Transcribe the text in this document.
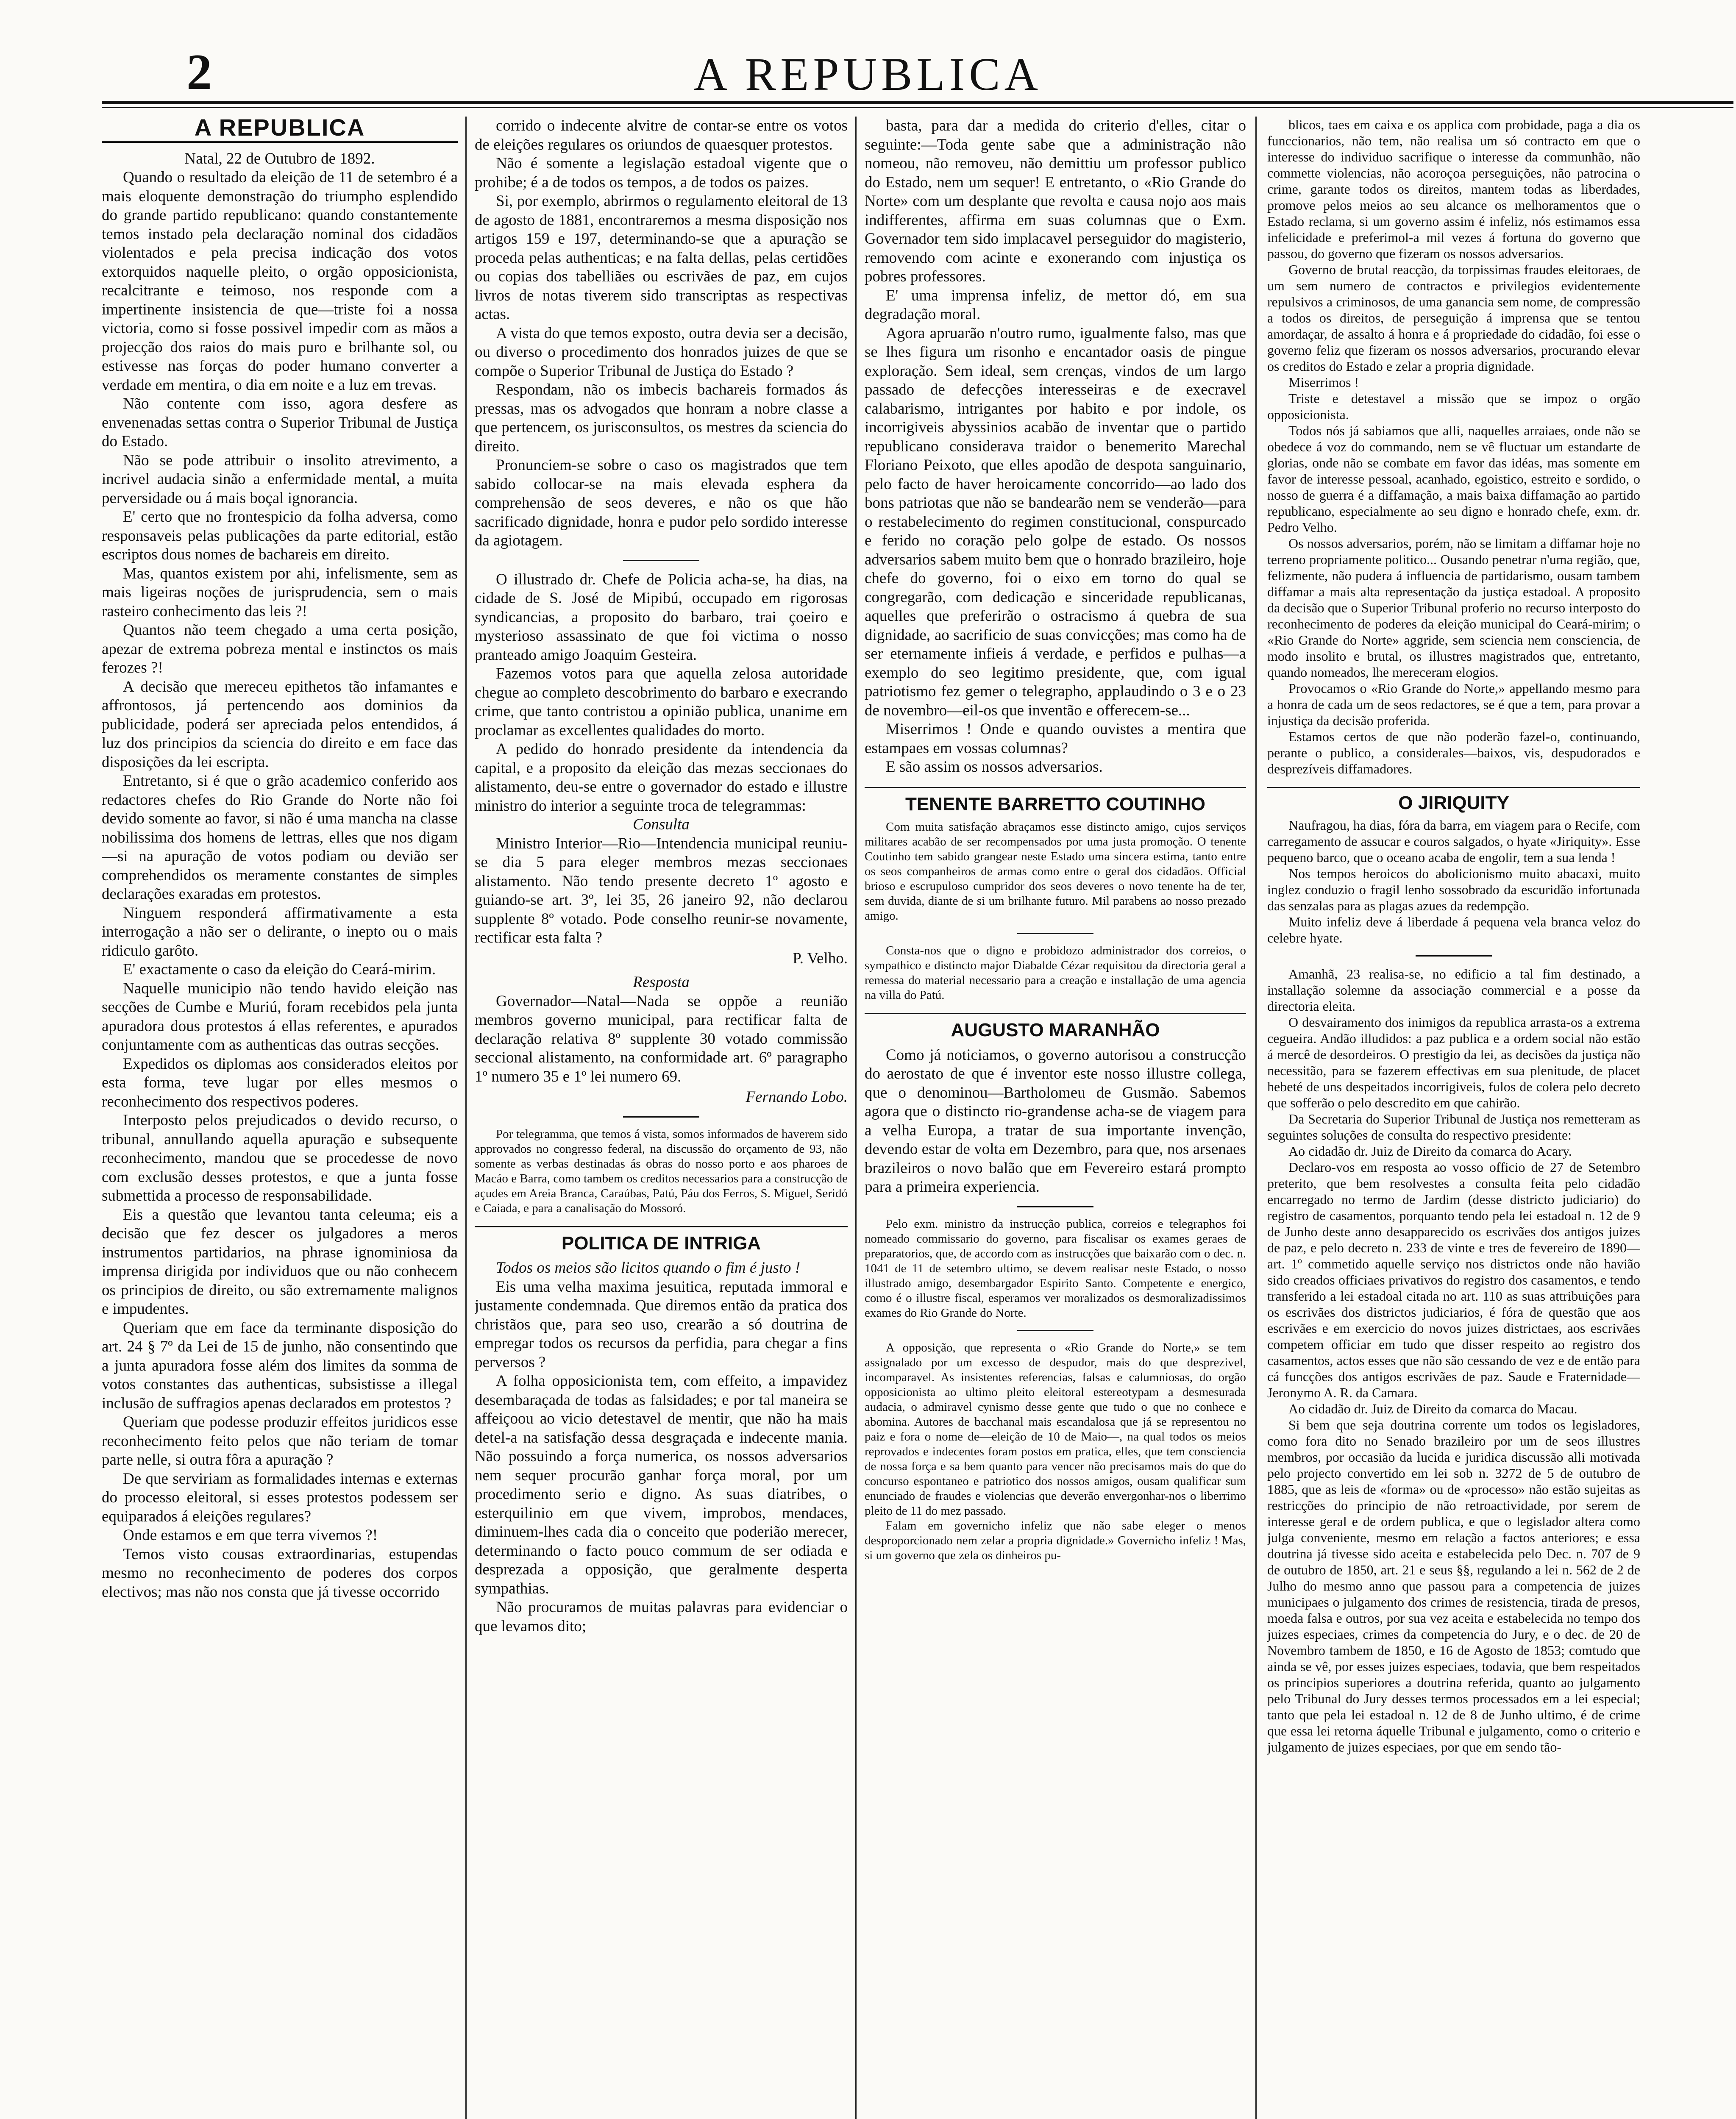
2	A REPUBLICA
A REPUBLICA

Natal, 22 de Outubro de 1892.

Quando o resultado da eleição de 11 de setembro é a mais eloquente demonstração do triumpho esplendido do grande partido republicano: quando constantemente temos instado pela declaração nominal dos cidadãos violentados e pela precisa indicação dos votos extorquidos naquelle pleito, o orgão opposicionista, recalcitrante e teimoso, nos responde com a impertinente insistencia de que—triste foi a nossa victoria, como si fosse possivel impedir com as mãos a projecção dos raios do mais puro e brilhante sol, ou estivesse nas forças do poder humano converter a verdade em mentira, o dia em noite e a luz em trevas.

Não contente com isso, agora desfere as envenenadas settas contra o Superior Tribunal de Justiça do Estado.

Não se pode attribuir o insolito atrevimento, a incrivel audacia sinão a enfermidade mental, a muita perversidade ou á mais boçal ignorancia.

E' certo que no frontespicio da folha adversa, como responsaveis pelas publicações da parte editorial, estão escriptos dous nomes de bachareis em direito.

Mas, quantos existem por ahi, infelismente, sem as mais ligeiras noções de jurisprudencia, sem o mais rasteiro conhecimento das leis ?!

Quantos não teem chegado a uma certa posição, apezar de extrema pobreza mental e instinctos os mais ferozes ?!

A decisão que mereceu epithetos tão infamantes e affrontosos, já pertencendo aos dominios da publicidade, poderá ser apreciada pelos entendidos, á luz dos principios da sciencia do direito e em face das disposições da lei escripta.

Entretanto, si é que o grão academico conferido aos redactores chefes do Rio Grande do Norte não foi devido somente ao favor, si não é uma mancha na classe nobilissima dos homens de lettras, elles que nos digam—si na apuração de votos podiam ou devião ser comprehendidos os meramente constantes de simples declarações exaradas em protestos.

Ninguem responderá affirmativamente a esta interrogação a não ser o delirante, o inepto ou o mais ridiculo garôto.

E' exactamente o caso da eleição do Ceará-mirim.

Naquelle municipio não tendo havido eleição nas secções de Cumbe e Muriú, foram recebidos pela junta apuradora dous protestos á ellas referentes, e apurados conjuntamente com as authenticas das outras secções.

Expedidos os diplomas aos considerados eleitos por esta forma, teve lugar por elles mesmos o reconhecimento dos respectivos poderes.

Interposto pelos prejudicados o devido recurso, o tribunal, annullando aquella apuração e subsequente reconhecimento, mandou que se procedesse de novo com exclusão desses protestos, e que a junta fosse submettida a processo de responsabilidade.

Eis a questão que levantou tanta celeuma; eis a decisão que fez descer os julgadores a meros instrumentos partidarios, na phrase ignominiosa da imprensa dirigida por individuos que ou não conhecem os principios de direito, ou são extremamente malignos e impudentes.

Queriam que em face da terminante disposição do art. 24 § 7º da Lei de 15 de junho, não consentindo que a junta apuradora fosse além dos limites da somma de votos constantes das authenticas, subsistisse a illegal inclusão de suffragios apenas declarados em protestos ?

Queriam que podesse produzir effeitos juridicos esse reconhecimento feito pelos que não teriam de tomar parte nelle, si outra fôra a apuração ?

De que serviriam as formalidades internas e externas do processo eleitoral, si esses protestos podessem ser equiparados á eleições regulares?

Onde estamos e em que terra vivemos ?!

Temos visto cousas extraordinarias, estupendas mesmo no reconhecimento de poderes dos corpos electivos; mas não nos consta que já tivesse occorrido

corrido o indecente alvitre de contar-se entre os votos de eleições regulares os oriundos de quaesquer protestos.

Não é somente a legislação estadoal vigente que o prohibe; é a de todos os tempos, a de todos os paizes.

Si, por exemplo, abrirmos o regulamento eleitoral de 13 de agosto de 1881, encontraremos a mesma disposição nos artigos 159 e 197, determinando-se que a apuração se proceda pelas authenticas; e na falta dellas, pelas certidões ou copias dos tabelliães ou escrivães de paz, em cujos livros de notas tiverem sido transcriptas as respectivas actas.

A vista do que temos exposto, outra devia ser a decisão, ou diverso o procedimento dos honrados juizes de que se compõe o Superior Tribunal de Justiça do Estado ?

Respondam, não os imbecis bachareis formados ás pressas, mas os advogados que honram a nobre classe a que pertencem, os jurisconsultos, os mestres da sciencia do direito.

Pronunciem-se sobre o caso os magistrados que tem sabido collocar-se na mais elevada esphera da comprehensão de seos deveres, e não os que hão sacrificado dignidade, honra e pudor pelo sordido interesse da agiotagem.

O illustrado dr. Chefe de Policia acha-se, ha dias, na cidade de S. José de Mipibú, occupado em rigorosas syndicancias, a proposito do barbaro, trai çoeiro e mysterioso assassinato de que foi victima o nosso pranteado amigo Joaquim Gesteira.

Fazemos votos para que aquella zelosa autoridade chegue ao completo descobrimento do barbaro e execrando crime, que tanto contristou a opinião publica, unanime em proclamar as excellentes qualidades do morto.

A pedido do honrado presidente da intendencia da capital, e a proposito da eleição das mezas seccionaes do alistamento, deu-se entre o governador do estado e illustre ministro do interior a seguinte troca de telegrammas:

Consulta

Ministro Interior—Rio—Intendencia municipal reuniu-se dia 5 para eleger membros mezas seccionaes alistamento. Não tendo presente decreto 1º agosto e guiando-se art. 3º, lei 35, 26 janeiro 92, não declarou supplente 8º votado. Pode conselho reunir-se novamente, rectificar esta falta ?

P. Velho.

Resposta

Governador—Natal—Nada se oppõe a reunião membros governo municipal, para rectificar falta de declaração relativa 8º supplente 30 votado commissão seccional alistamento, na conformidade art. 6º paragrapho 1º numero 35 e 1º lei numero 69.

Fernando Lobo.

Por telegramma, que temos á vista, somos informados de haverem sido approvados no congresso federal, na discussão do orçamento de 93, não somente as verbas destinadas ás obras do nosso porto e aos pharoes de Macáo e Barra, como tambem os creditos necessarios para a construcção de açudes em Areia Branca, Caraúbas, Patú, Páu dos Ferros, S. Miguel, Seridó e Caiada, e para a canalisação do Mossoró.

POLITICA DE INTRIGA

Todos os meios são licitos quando o fim é justo !

Eis uma velha maxima jesuitica, reputada immoral e justamente condemnada. Que diremos então da pratica dos christãos que, para seo uso, crearão a só doutrina de empregar todos os recursos da perfidia, para chegar a fins perversos ?

A folha opposicionista tem, com effeito, a impavidez desembaraçada de todas as falsidades; e por tal maneira se affeiçoou ao vicio detestavel de mentir, que não ha mais detel-a na satisfação dessa desgraçada e indecente mania. Não possuindo a força numerica, os nossos adversarios nem sequer procurão ganhar força moral, por um procedimento serio e digno. As suas diatribes, o esterquilinio em que vivem, improbos, mendaces, diminuem-lhes cada dia o conceito que poderião merecer, determinando o facto pouco commum de ser odiada e desprezada a opposição, que geralmente desperta sympathias.

Não procuramos de muitas palavras para evidenciar o que levamos dito;

basta, para dar a medida do criterio d'elles, citar o seguinte:—Toda gente sabe que a administração não nomeou, não removeu, não demittiu um professor publico do Estado, nem um sequer! E entretanto, o «Rio Grande do Norte» com um desplante que revolta e causa nojo aos mais indifferentes, affirma em suas columnas que o Exm. Governador tem sido implacavel perseguidor do magisterio, removendo com acinte e exonerando com injustiça os pobres professores.

E' uma imprensa infeliz, de mettor dó, em sua degradação moral.

Agora apruarão n'outro rumo, igualmente falso, mas que se lhes figura um risonho e encantador oasis de pingue exploração. Sem ideal, sem crenças, vindos de um largo passado de defecções interesseiras e de execravel calabarismo, intrigantes por habito e por indole, os incorrigiveis abyssinios acabão de inventar que o partido republicano considerava traidor o benemerito Marechal Floriano Peixoto, que elles apodão de despota sanguinario, pelo facto de haver heroicamente concorrido—ao lado dos bons patriotas que não se bandearão nem se venderão—para o restabelecimento do regimen constitucional, conspurcado e ferido no coração pelo golpe de estado. Os nossos adversarios sabem muito bem que o honrado brazileiro, hoje chefe do governo, foi o eixo em torno do qual se congregarão, com dedicação e sinceridade republicanas, aquelles que preferirão o ostracismo á quebra de sua dignidade, ao sacrificio de suas convicções; mas como ha de ser eternamente infieis á verdade, e perfidos e pulhas—a exemplo do seo legitimo presidente, que, com igual patriotismo fez gemer o telegrapho, applaudindo o 3 e o 23 de novembro—eil-os que inventão e offerecem-se...

Miserrimos ! Onde e quando ouvistes a mentira que estampaes em vossas columnas?

E são assim os nossos adversarios.

TENENTE BARRETTO COUTINHO

Com muita satisfação abraçamos esse distincto amigo, cujos serviços militares acabão de ser recompensados por uma justa promoção. O tenente Coutinho tem sabido grangear neste Estado uma sincera estima, tanto entre os seos companheiros de armas como entre o geral dos cidadãos. Official brioso e escrupuloso cumpridor dos seos deveres o novo tenente ha de ter, sem duvida, diante de si um brilhante futuro. Mil parabens ao nosso prezado amigo.

Consta-nos que o digno e probidozo administrador dos correios, o sympathico e distincto major Diabalde Cézar requisitou da directoria geral a remessa do material necessario para a creação e installação de uma agencia na villa do Patú.

AUGUSTO MARANHÃO

Como já noticiamos, o governo autorisou a construcção do aerostato de que é inventor este nosso illustre collega, que o denominou—Bartholomeu de Gusmão. Sabemos agora que o distincto rio-grandense acha-se de viagem para a velha Europa, a tratar de sua importante invenção, devendo estar de volta em Dezembro, para que, nos arsenaes brazileiros o novo balão que em Fevereiro estará prompto para a primeira experiencia.

Pelo exm. ministro da instrucção publica, correios e telegraphos foi nomeado commissario do governo, para fiscalisar os exames geraes de preparatorios, que, de accordo com as instrucções que baixarão com o dec. n. 1041 de 11 de setembro ultimo, se devem realisar neste Estado, o nosso illustrado amigo, desembargador Espirito Santo. Competente e energico, como é o illustre fiscal, esperamos ver moralizados os desmoralizadissimos exames do Rio Grande do Norte.

A opposição, que representa o «Rio Grande do Norte,» se tem assignalado por um excesso de despudor, mais do que desprezivel, incomparavel. As insistentes referencias, falsas e calumniosas, do orgão opposicionista ao ultimo pleito eleitoral estereotypam a desmesurada audacia, o admiravel cynismo desse gente que tudo o que no conhece e abomina. Autores de bacchanal mais escandalosa que já se representou no paiz e fora o nome de—eleição de 10 de Maio—, na qual todos os meios reprovados e indecentes foram postos em pratica, elles, que tem consciencia de nossa força e sa bem quanto para vencer não precisamos mais do que do concurso espontaneo e patriotico dos nossos amigos, ousam qualificar sum enunciado de fraudes e violencias que deverão envergonhar-nos o liberrimo pleito de 11 do mez passado.

Falam em governicho infeliz que não sabe eleger o menos desproporcionado nem zelar a propria dignidade.» Governicho infeliz ! Mas, si um governo que zela os dinheiros pu-

blicos, taes em caixa e os applica com probidade, paga a dia os funccionarios, não tem, não realisa um só contracto em que o interesse do individuo sacrifique o interesse da communhão, não commette violencias, não acoroçoa perseguições, não patrocina o crime, garante todos os direitos, mantem todas as liberdades, promove pelos meios ao seu alcance os melhoramentos que o Estado reclama, si um governo assim é infeliz, nós estimamos essa infelicidade e preferimol-a mil vezes á fortuna do governo que passou, do governo que fizeram os nossos adversarios.

Governo de brutal reacção, da torpissimas fraudes eleitoraes, de um sem numero de contractos e privilegios evidentemente repulsivos a criminosos, de uma ganancia sem nome, de compressão a todos os direitos, de perseguição á imprensa que se tentou amordaçar, de assalto á honra e á propriedade do cidadão, foi esse o governo feliz que fizeram os nossos adversarios, procurando elevar os creditos do Estado e zelar a propria dignidade.

Miserrimos !

Triste e detestavel a missão que se impoz o orgão opposicionista.

Todos nós já sabiamos que alli, naquelles arraiaes, onde não se obedece á voz do commando, nem se vê fluctuar um estandarte de glorias, onde não se combate em favor das idéas, mas somente em favor de interesse pessoal, acanhado, egoistico, estreito e sordido, o nosso de guerra é a diffamação, a mais baixa diffamação ao partido republicano, especialmente ao seu digno e honrado chefe, exm. dr. Pedro Velho.

Os nossos adversarios, porém, não se limitam a diffamar hoje no terreno propriamente politico... Ousando penetrar n'uma região, que, felizmente, não pudera á influencia de partidarismo, ousam tambem diffamar a mais alta representação da justiça estadoal. A proposito da decisão que o Superior Tribunal proferio no recurso interposto do reconhecimento de poderes da eleição municipal do Ceará-mirim; o «Rio Grande do Norte» aggride, sem sciencia nem consciencia, de modo insolito e brutal, os illustres magistrados que, entretanto, quando nomeados, lhe mereceram elogios.

Provocamos o «Rio Grande do Norte,» appellando mesmo para a honra de cada um de seos redactores, se é que a tem, para provar a injustiça da decisão proferida.

Estamos certos de que não poderão fazel-o, continuando, perante o publico, a considerales—baixos, vis, despudorados e desprezíveis diffamadores.

O JIRIQUITY

Naufragou, ha dias, fóra da barra, em viagem para o Recife, com carregamento de assucar e couros salgados, o hyate «Jiriquity». Esse pequeno barco, que o oceano acaba de engolir, tem a sua lenda !

Nos tempos heroicos do abolicionismo muito abacaxi, muito inglez conduzio o fragil lenho sossobrado da escuridão infortunada das senzalas para as plagas azues da redempção.

Muito infeliz deve á liberdade á pequena vela branca veloz do celebre hyate.

Amanhã, 23 realisa-se, no edificio a tal fim destinado, a installação solemne da associação commercial e a posse da directoria eleita.

O desvairamento dos inimigos da republica arrasta-os a extrema cegueira. Andão illudidos: a paz publica e a ordem social não estão á mercê de desordeiros. O prestigio da lei, as decisões da justiça não necessitão, para se fazerem effectivas em sua plenitude, de placet hebeté de uns despeitados incorrigiveis, fulos de colera pelo decreto que sofferão o pelo descredito em que cahirão.

Da Secretaria do Superior Tribunal de Justiça nos remetteram as seguintes soluções de consulta do respectivo presidente:

Ao cidadão dr. Juiz de Direito da comarca do Acary.

Declaro-vos em resposta ao vosso officio de 27 de Setembro preterito, que bem resolvestes a consulta feita pelo cidadão encarregado no termo de Jardim (desse districto judiciario) do registro de casamentos, porquanto tendo pela lei estadoal n. 12 de 9 de Junho deste anno desapparecido os escrivães dos antigos juizes de paz, e pelo decreto n. 233 de vinte e tres de fevereiro de 1890—art. 1º commetido aquelle serviço nos districtos onde não havião sido creados officiaes privativos do registro dos casamentos, e tendo transferido a lei estadoal citada no art. 110 as suas attribuições para os escrivães dos districtos judiciarios, é fóra de questão que aos escrivães e em exercicio do novos juizes districtaes, aos escrivães competem officiar em tudo que disser respeito ao registro dos casamentos, actos esses que não são cessando de vez e de então para cá funcções dos antigos escrivães de paz. Saude e Fraternidade—Jeronymo A. R. da Camara.

Ao cidadão dr. Juiz de Direito da comarca do Macau.

Si bem que seja doutrina corrente um todos os legisladores, como fora dito no Senado brazileiro por um de seos illustres membros, por occasião da lucida e juridica discussão alli motivada pelo projecto convertido em lei sob n. 3272 de 5 de outubro de 1885, que as leis de «forma» ou de «processo» não estão sujeitas as restricções do principio de não retroactividade, por serem de interesse geral e de ordem publica, e que o legislador altera como julga conveniente, mesmo em relação a factos anteriores; e essa doutrina já tivesse sido aceita e estabelecida pelo Dec. n. 707 de 9 de outubro de 1850, art. 21 e seus §§, regulando a lei n. 562 de 2 de Julho do mesmo anno que passou para a competencia de juizes municipaes o julgamento dos crimes de resistencia, tirada de presos, moeda falsa e outros, por sua vez aceita e estabelecida no tempo dos juizes especiaes, crimes da competencia do Jury, e o dec. de 20 de Novembro tambem de 1850, e 16 de Agosto de 1853; comtudo que ainda se vê, por esses juizes especiaes, todavia, que bem respeitados os principios superiores a doutrina referida, quanto ao julgamento pelo Tribunal do Jury desses termos processados em a lei especial; tanto que pela lei estadoal n. 12 de 8 de Junho ultimo, é de crime que essa lei retorna áquelle Tribunal e julgamento, como o criterio e julgamento de juizes especiaes, por que em sendo tão-
